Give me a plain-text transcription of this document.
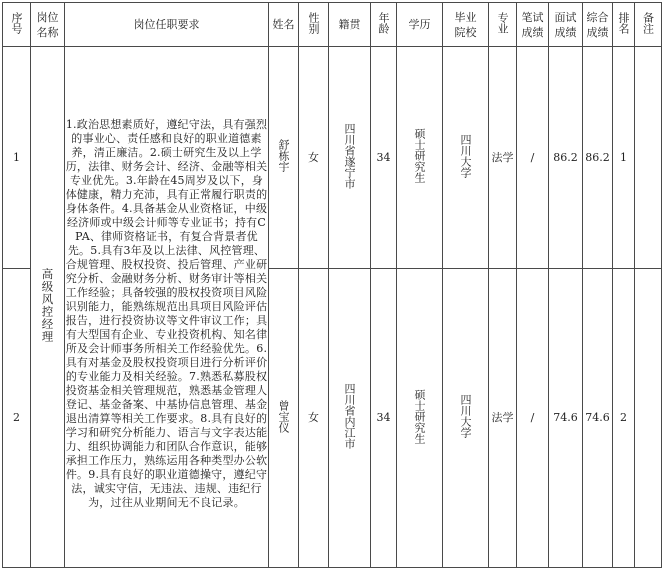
序号	岗位名称	岗位任职要求	姓名	性别	籍贯	年龄	学历	毕业院校	专业	笔试成绩	面试成绩	综合成绩	排名	备注
1	高级风控经理	1.政治思想素质好，遵纪守法，具有强烈的事业心、责任感和良好的职业道德素养，清正廉洁。2.硕士研究生及以上学历，法律、财务会计、经济、金融等相关专业优先。3.年龄在45周岁及以下，身体健康，精力充沛，具有正常履行职责的身体条件。4.具备基金从业资格证，中级经济师或中级会计师等专业证书；持有CPA、律师资格证书，有复合背景者优先。5.具有3年及以上法律、风控管理、合规管理、股权投资、投后管理、产业研究分析、金融财务分析、财务审计等相关工作经验；具备较强的股权投资项目风险识别能力，能熟练规范出具项目风险评估报告，进行投资协议等文件审议工作；具有大型国有企业、专业投资机构、知名律所及会计师事务所相关工作经验优先。6.具有对基金及股权投资项目进行分析评价的专业能力及相关经验。7.熟悉私募股权投资基金相关管理规范，熟悉基金管理人登记、基金备案、中基协信息管理、基金退出清算等相关工作要求。8.具有良好的学习和研究分析能力、语言与文字表达能力、组织协调能力和团队合作意识，能够承担工作压力，熟练运用各种类型办公软件。9.具有良好的职业道德操守，遵纪守法，诚实守信，无违法、违规、违纪行为，过往从业期间无不良记录。	舒栋宇	女	四川省遂宁市	34	硕士研究生	四川大学	法学	/	86.2	86.2	1	
2			曾宝仪	女	四川省内江市	34	硕士研究生	四川大学	法学	/	74.6	74.6	2	
